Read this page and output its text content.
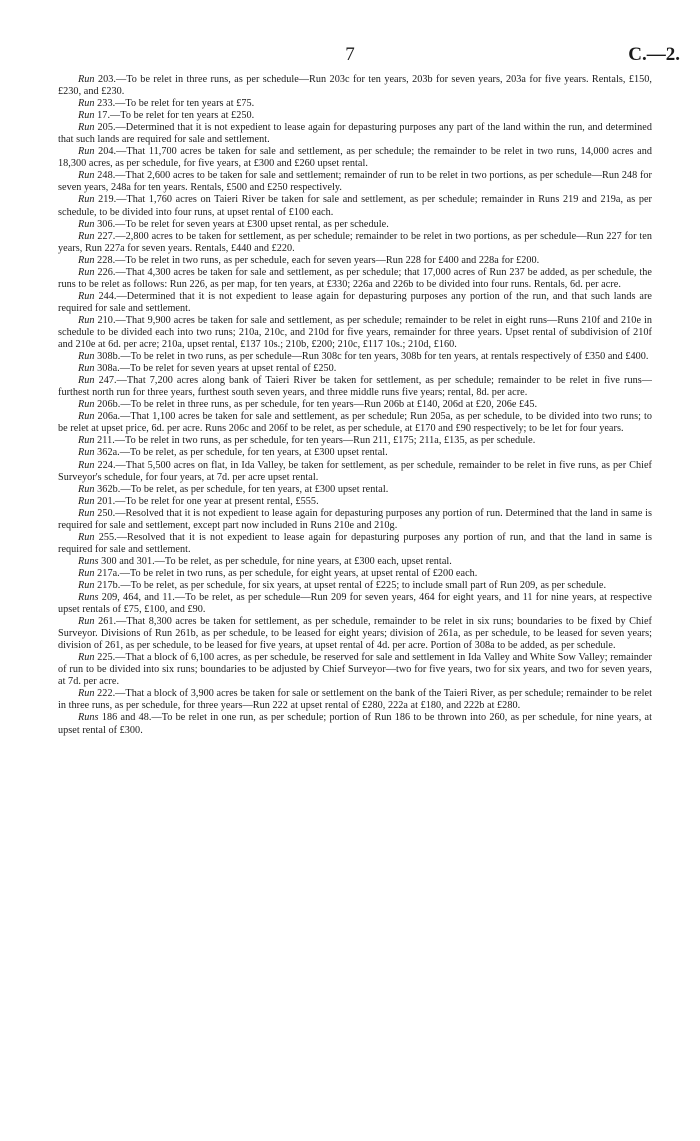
7	C.—2.

Run 203.—To be relet in three runs, as per schedule—Run 203c for ten years, 203b for seven years, 203a for five years. Rentals, £150, £230, and £230.

Run 233.—To be relet for ten years at £75.

Run 17.—To be relet for ten years at £250.

Run 205.—Determined that it is not expedient to lease again for depasturing purposes any part of the land within the run, and determined that such lands are required for sale and settlement.

Run 204.—That 11,700 acres be taken for sale and settlement, as per schedule; the remainder to be relet in two runs, 14,000 acres and 18,300 acres, as per schedule, for five years, at £300 and £260 upset rental.

Run 248.—That 2,600 acres to be taken for sale and settlement; remainder of run to be relet in two portions, as per schedule—Run 248 for seven years, 248a for ten years. Rentals, £500 and £250 respectively.

Run 219.—That 1,760 acres on Taieri River be taken for sale and settlement, as per schedule; remainder in Runs 219 and 219a, as per schedule, to be divided into four runs, at upset rental of £100 each.

Run 306.—To be relet for seven years at £300 upset rental, as per schedule.

Run 227.—2,800 acres to be taken for settlement, as per schedule; remainder to be relet in two portions, as per schedule—Run 227 for ten years, Run 227a for seven years. Rentals, £440 and £220.

Run 228.—To be relet in two runs, as per schedule, each for seven years—Run 228 for £400 and 228a for £200.

Run 226.—That 4,300 acres be taken for sale and settlement, as per schedule; that 17,000 acres of Run 237 be added, as per schedule, the runs to be relet as follows: Run 226, as per map, for ten years, at £330; 226a and 226b to be divided into four runs. Rentals, 6d. per acre.

Run 244.—Determined that it is not expedient to lease again for depasturing purposes any portion of the run, and that such lands are required for sale and settlement.

Run 210.—That 9,900 acres be taken for sale and settlement, as per schedule; remainder to be relet in eight runs—Runs 210f and 210e in schedule to be divided each into two runs; 210a, 210c, and 210d for five years, remainder for three years. Upset rental of subdivision of 210f and 210e at 6d. per acre; 210a, upset rental, £137 10s.; 210b, £200; 210c, £117 10s.; 210d, £160.

Run 308b.—To be relet in two runs, as per schedule—Run 308c for ten years, 308b for ten years, at rentals respectively of £350 and £400.

Run 308a.—To be relet for seven years at upset rental of £250.

Run 247.—That 7,200 acres along bank of Taieri River be taken for settlement, as per schedule; remainder to be relet in five runs—furthest north run for three years, furthest south seven years, and three middle runs five years; rental, 8d. per acre.

Run 206b.—To be relet in three runs, as per schedule, for ten years—Run 206b at £140, 206d at £20, 206e £45.

Run 206a.—That 1,100 acres be taken for sale and settlement, as per schedule; Run 205a, as per schedule, to be divided into two runs; to be relet at upset price, 6d. per acre. Runs 206c and 206f to be relet, as per schedule, at £170 and £90 respectively; to be let for four years.

Run 211.—To be relet in two runs, as per schedule, for ten years—Run 211, £175; 211a, £135, as per schedule.

Run 362a.—To be relet, as per schedule, for ten years, at £300 upset rental.

Run 224.—That 5,500 acres on flat, in Ida Valley, be taken for settlement, as per schedule, remainder to be relet in five runs, as per Chief Surveyor's schedule, for four years, at 7d. per acre upset rental.

Run 362b.—To be relet, as per schedule, for ten years, at £300 upset rental.

Run 201.—To be relet for one year at present rental, £555.

Run 250.—Resolved that it is not expedient to lease again for depasturing purposes any portion of run. Determined that the land in same is required for sale and settlement, except part now included in Runs 210e and 210g.

Run 255.—Resolved that it is not expedient to lease again for depasturing purposes any portion of run, and that the land in same is required for sale and settlement.

Runs 300 and 301.—To be relet, as per schedule, for nine years, at £300 each, upset rental.

Run 217a.—To be relet in two runs, as per schedule, for eight years, at upset rental of £200 each.

Run 217b.—To be relet, as per schedule, for six years, at upset rental of £225; to include small part of Run 209, as per schedule.

Runs 209, 464, and 11.—To be relet, as per schedule—Run 209 for seven years, 464 for eight years, and 11 for nine years, at respective upset rentals of £75, £100, and £90.

Run 261.—That 8,300 acres be taken for settlement, as per schedule, remainder to be relet in six runs; boundaries to be fixed by Chief Surveyor. Divisions of Run 261b, as per schedule, to be leased for eight years; division of 261a, as per schedule, to be leased for seven years; division of 261, as per schedule, to be leased for five years, at upset rental of 4d. per acre. Portion of 308a to be added, as per schedule.

Run 225.—That a block of 6,100 acres, as per schedule, be reserved for sale and settlement in Ida Valley and White Sow Valley; remainder of run to be divided into six runs; boundaries to be adjusted by Chief Surveyor—two for five years, two for six years, and two for seven years, at 7d. per acre.

Run 222.—That a block of 3,900 acres be taken for sale or settlement on the bank of the Taieri River, as per schedule; remainder to be relet in three runs, as per schedule, for three years—Run 222 at upset rental of £280, 222a at £180, and 222b at £280.

Runs 186 and 48.—To be relet in one run, as per schedule; portion of Run 186 to be thrown into 260, as per schedule, for nine years, at upset rental of £300.
